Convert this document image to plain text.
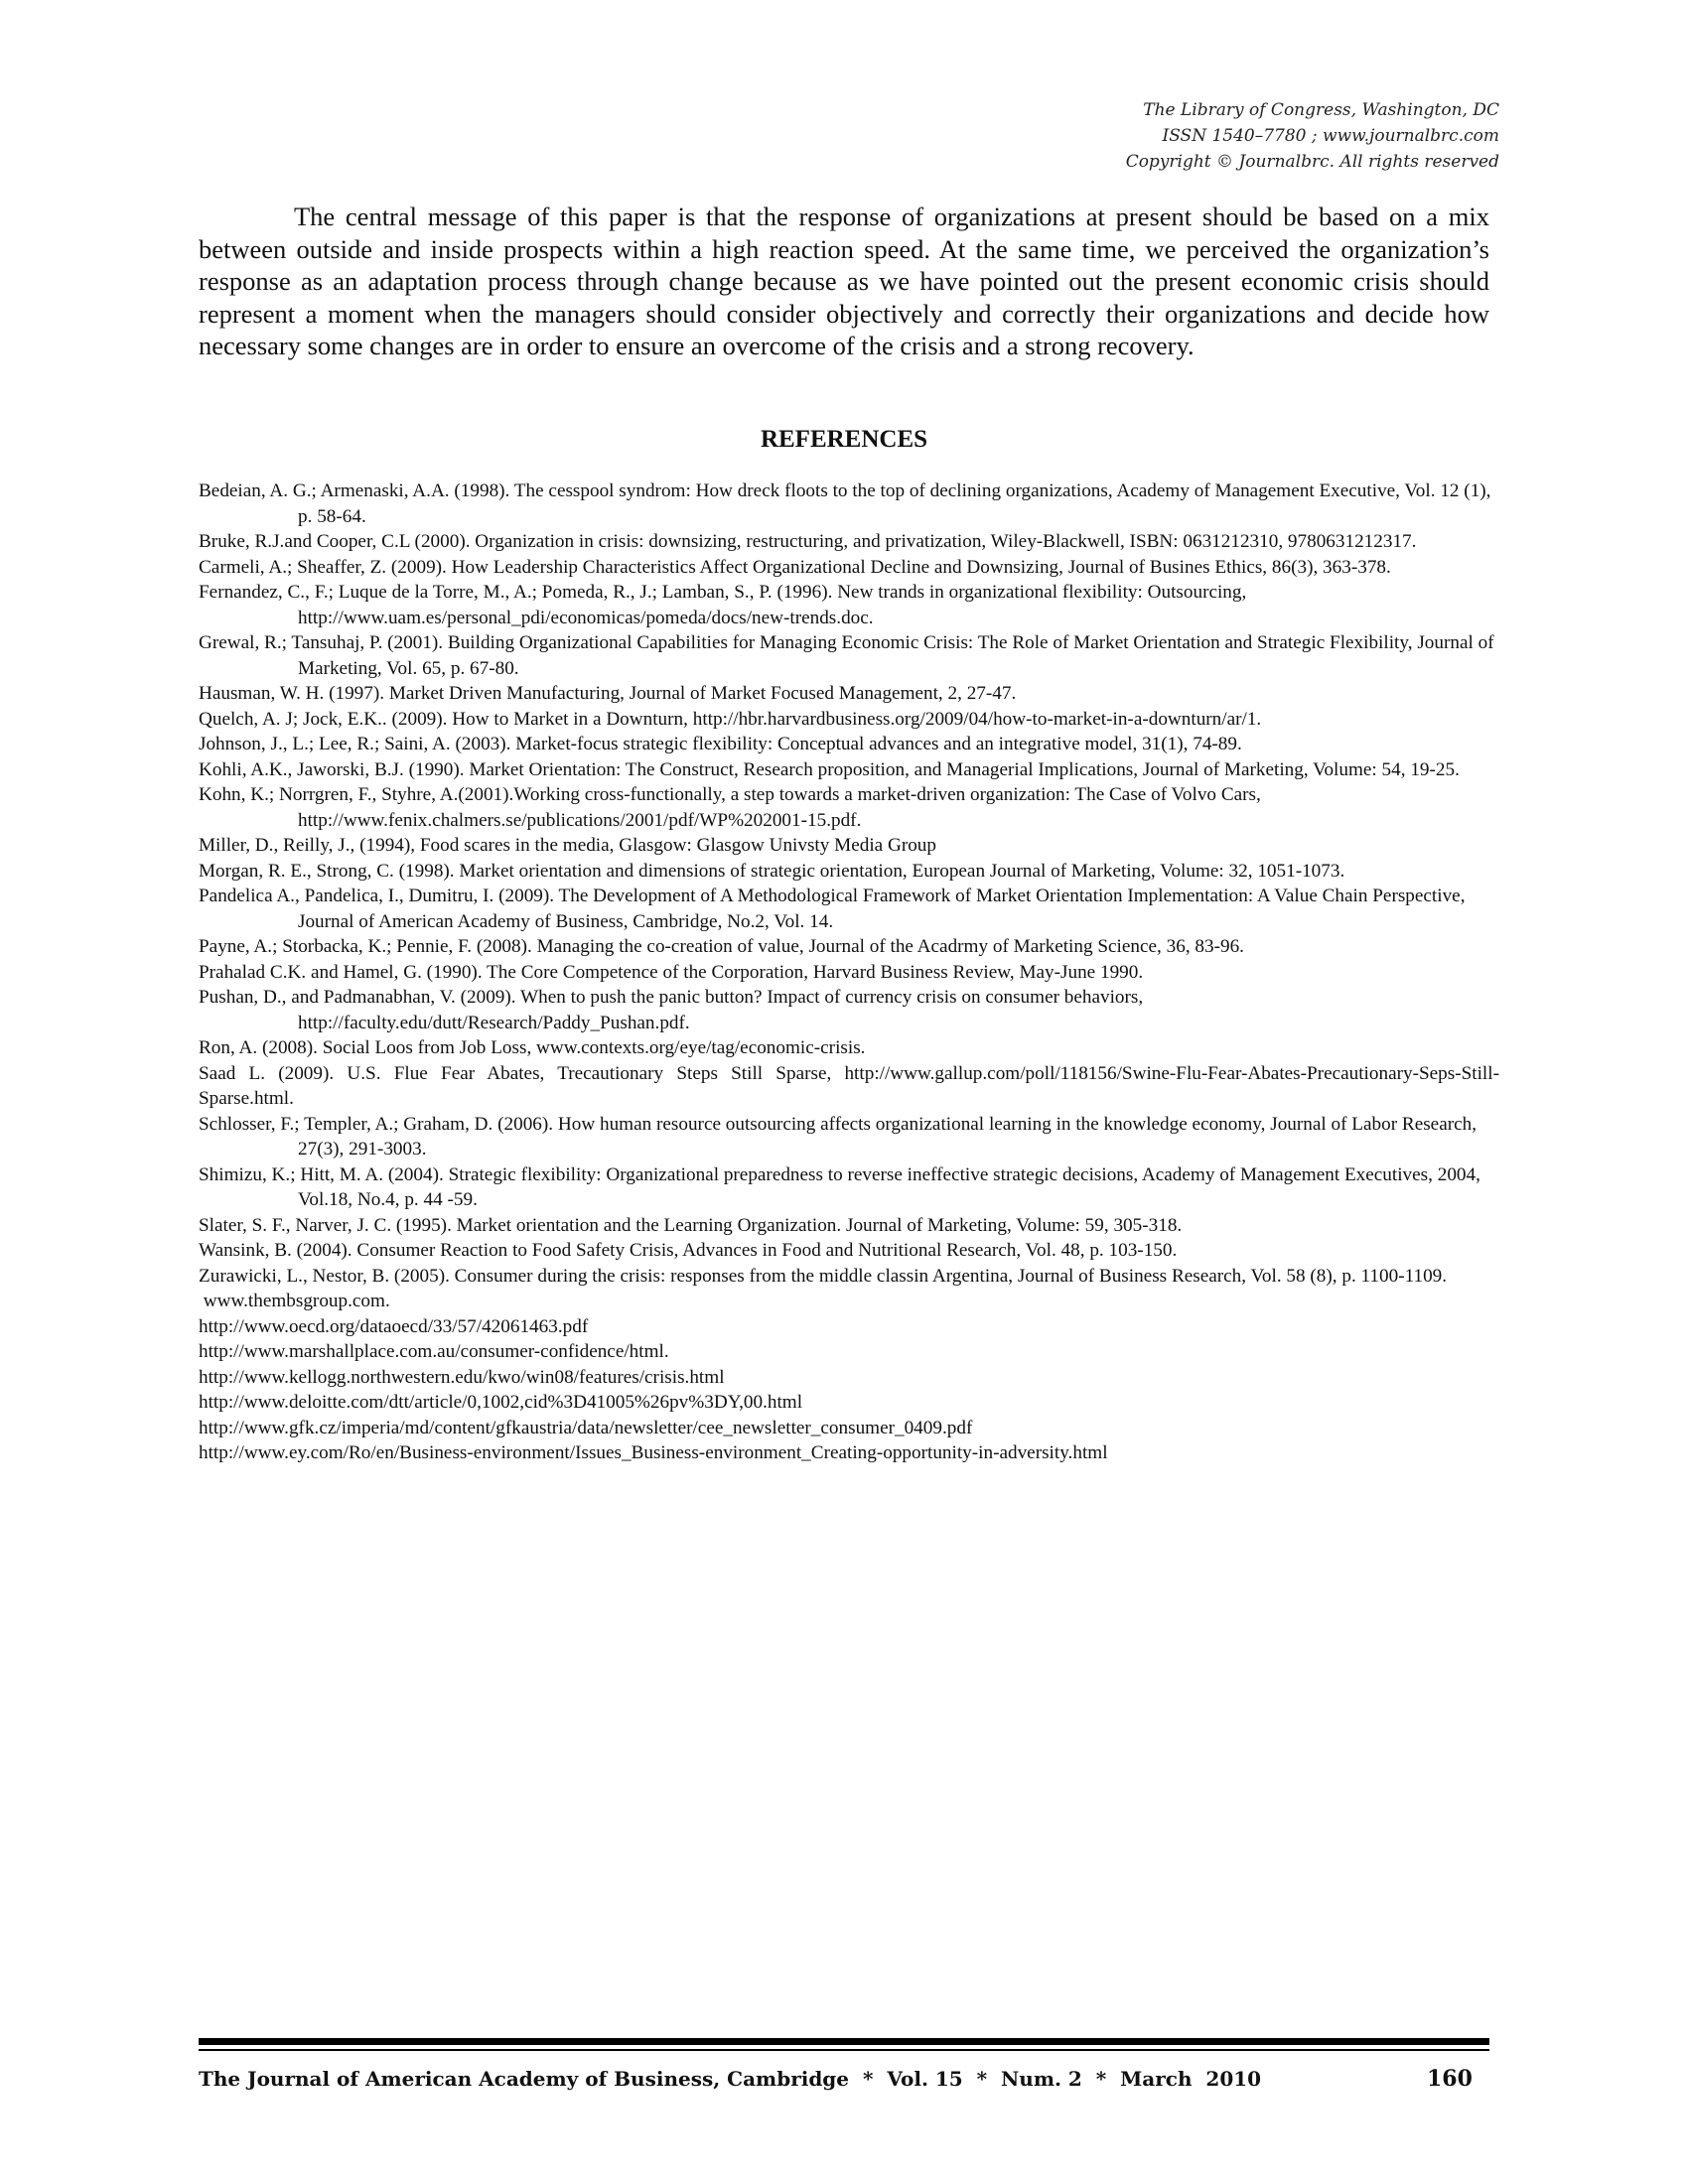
The Library of Congress, Washington, DC
ISSN 1540–7780 ; www.journalbrc.com
Copyright © Journalbrc. All rights reserved

The central message of this paper is that the response of organizations at present should be based on a mix between outside and inside prospects within a high reaction speed. At the same time, we perceived the organization’s response as an adaptation process through change because as we have pointed out the present economic crisis should represent a moment when the managers should consider objectively and correctly their organizations and decide how necessary some changes are in order to ensure an overcome of the crisis and a strong recovery.

REFERENCES

Bedeian, A. G.; Armenaski, A.A. (1998). The cesspool syndrom: How dreck floots to the top of declining organizations, Academy of Management Executive, Vol. 12 (1), p. 58-64.

Bruke, R.J.and Cooper, C.L (2000). Organization in crisis: downsizing, restructuring, and privatization, Wiley-Blackwell, ISBN: 0631212310, 9780631212317.

Carmeli, A.; Sheaffer, Z. (2009). How Leadership Characteristics Affect Organizational Decline and Downsizing, Journal of Busines Ethics, 86(3), 363-378.

Fernandez, C., F.; Luque de la Torre, M., A.; Pomeda, R., J.; Lamban, S., P. (1996). New trands in organizational flexibility: Outsourcing, http://www.uam.es/personal_pdi/economicas/pomeda/docs/new-trends.doc.

Grewal, R.; Tansuhaj, P. (2001). Building Organizational Capabilities for Managing Economic Crisis: The Role of Market Orientation and Strategic Flexibility, Journal of Marketing, Vol. 65, p. 67-80.

Hausman, W. H. (1997). Market Driven Manufacturing, Journal of Market Focused Management, 2, 27-47.

Quelch, A. J; Jock, E.K.. (2009). How to Market in a Downturn, http://hbr.harvardbusiness.org/2009/04/how-to-market-in-a-downturn/ar/1.

Johnson, J., L.; Lee, R.; Saini, A. (2003). Market-focus strategic flexibility: Conceptual advances and an integrative model, 31(1), 74-89.

Kohli, A.K., Jaworski, B.J. (1990). Market Orientation: The Construct, Research proposition, and Managerial Implications, Journal of Marketing, Volume: 54, 19-25.

Kohn, K.; Norrgren, F., Styhre, A.(2001).Working cross-functionally, a step towards a market-driven organization: The Case of Volvo Cars, http://www.fenix.chalmers.se/publications/2001/pdf/WP%202001-15.pdf.

Miller, D., Reilly, J., (1994), Food scares in the media, Glasgow: Glasgow Univsty Media Group

Morgan, R. E., Strong, C. (1998). Market orientation and dimensions of strategic orientation, European Journal of Marketing, Volume: 32, 1051-1073.

Pandelica A., Pandelica, I., Dumitru, I. (2009). The Development of A Methodological Framework of Market Orientation Implementation: A Value Chain Perspective, Journal of American Academy of Business, Cambridge, No.2, Vol. 14.

Payne, A.; Storbacka, K.; Pennie, F. (2008). Managing the co-creation of value, Journal of the Acadrmy of Marketing Science, 36, 83-96.

Prahalad C.K. and Hamel, G. (1990). The Core Competence of the Corporation, Harvard Business Review, May-June 1990.

Pushan, D., and Padmanabhan, V. (2009). When to push the panic button? Impact of currency crisis on consumer behaviors, http://faculty.edu/dutt/Research/Paddy_Pushan.pdf.

Ron, A. (2008). Social Loos from Job Loss, www.contexts.org/eye/tag/economic-crisis.

Saad L. (2009). U.S. Flue Fear Abates, Trecautionary Steps Still Sparse, http://www.gallup.com/poll/118156/Swine-Flu-Fear-Abates-Precautionary-Seps-Still-Sparse.html.

Schlosser, F.; Templer, A.; Graham, D. (2006). How human resource outsourcing affects organizational learning in the knowledge economy, Journal of Labor Research, 27(3), 291-3003.

Shimizu, K.; Hitt, M. A. (2004). Strategic flexibility: Organizational preparedness to reverse ineffective strategic decisions, Academy of Management Executives, 2004, Vol.18, No.4, p. 44 -59.

Slater, S. F., Narver, J. C. (1995). Market orientation and the Learning Organization. Journal of Marketing, Volume: 59, 305-318.

Wansink, B. (2004). Consumer Reaction to Food Safety Crisis, Advances in Food and Nutritional Research, Vol. 48, p. 103-150.

Zurawicki, L., Nestor, B. (2005). Consumer during the crisis: responses from the middle classin Argentina, Journal of Business Research, Vol. 58 (8), p. 1100-1109.

www.thembsgroup.com.

http://www.oecd.org/dataoecd/33/57/42061463.pdf

http://www.marshallplace.com.au/consumer-confidence/html.

http://www.kellogg.northwestern.edu/kwo/win08/features/crisis.html

http://www.deloitte.com/dtt/article/0,1002,cid%3D41005%26pv%3DY,00.html

http://www.gfk.cz/imperia/md/content/gfkaustria/data/newsletter/cee_newsletter_consumer_0409.pdf

http://www.ey.com/Ro/en/Business-environment/Issues_Business-environment_Creating-opportunity-in-adversity.html

The Journal of American Academy of Business, Cambridge  *  Vol. 15  *  Num. 2  *  March  2010	160
